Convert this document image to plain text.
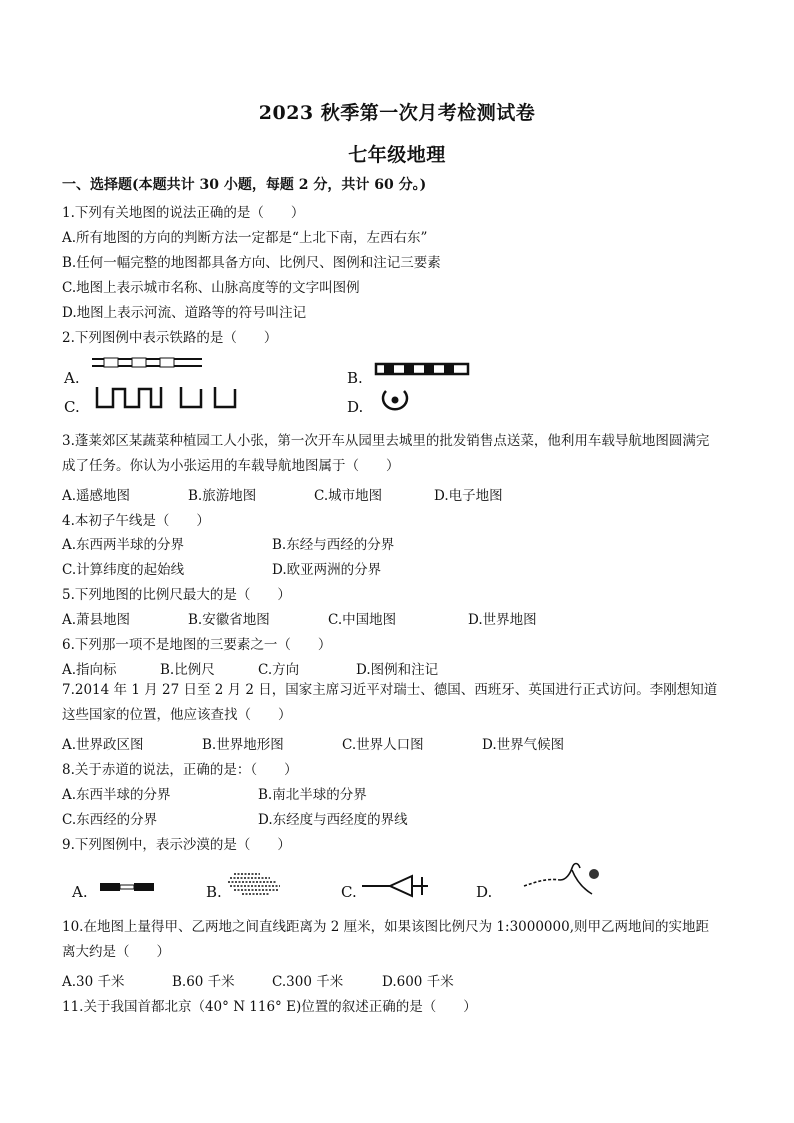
2023 秋季第一次月考检测试卷
七年级地理
一、选择题(本题共计 30 小题，每题 2 分，共计 60 分。)
1.下列有关地图的说法正确的是（　　）
A.所有地图的方向的判断方法一定都是“上北下南，左西右东”
B.任何一幅完整的地图都具备方向、比例尺、图例和注记三要素
C.地图上表示城市名称、山脉高度等的文字叫图例
D.地图上表示河流、道路等的符号叫注记
2.下列图例中表示铁路的是（　　）
A.	B.
C.	D.
3.蓬莱郊区某蔬菜种植园工人小张，第一次开车从园里去城里的批发销售点送菜，他利用车载导航地图圆满完成了任务。你认为小张运用的车载导航地图属于（　　）
A.遥感地图	B.旅游地图	C.城市地图	D.电子地图
4.本初子午线是（　　）
A.东西两半球的分界	B.东经与西经的分界
C.计算纬度的起始线	D.欧亚两洲的分界
5.下列地图的比例尺最大的是（　　）
A.萧县地图	B.安徽省地图	C.中国地图	D.世界地图
6.下列那一项不是地图的三要素之一（　　）
A.指向标	B.比例尺	C.方向	D.图例和注记
7.2014 年 1 月 27 日至 2 月 2 日，国家主席习近平对瑞士、德国、西班牙、英国进行正式访问。李刚想知道这些国家的位置，他应该查找（　　）
A.世界政区图	B.世界地形图	C.世界人口图	D.世界气候图
8.关于赤道的说法，正确的是：（　　）
A.东西半球的分界	B.南北半球的分界
C.东西经的分界	D.东经度与西经度的界线
9.下列图例中，表示沙漠的是（　　）
A.	B.	C.	D.
10.在地图上量得甲、乙两地之间直线距离为 2 厘米，如果该图比例尺为 1:3000000,则甲乙两地间的实地距离大约是（　　）
A.30 千米	B.60 千米	C.300 千米	D.600 千米
11.关于我国首都北京（40° N 116° E)位置的叙述正确的是（　　）
